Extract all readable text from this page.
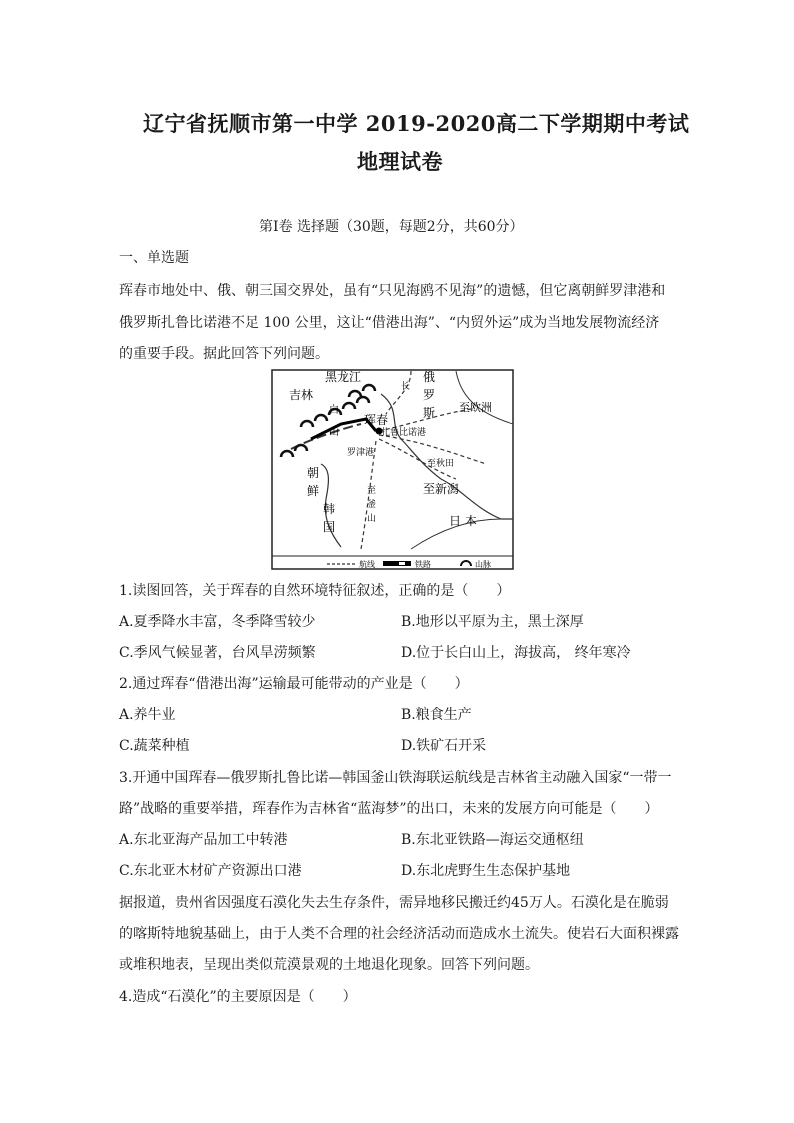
辽宁省抚顺市第一中学 2019-2020高二下学期期中考试
地理试卷
第Ⅰ卷 选择题（30题，每题2分，共60分）
一、单选题
珲春市地处中、俄、朝三国交界处，虽有“只见海鸥不见海”的遗憾，但它离朝鲜罗津港和
俄罗斯扎鲁比诺港不足 100 公里，这让“借港出海”、“内贸外运”成为当地发展物流经济
的重要手段。据此回答下列问题。
黑龙江
长
吉林
白
山
俄
罗
斯
珲春
至欧洲
扎鲁比诺港
罗津港
至秋田
至新潟
朝
鲜
韩
国
至
釜
山	日 本
航线	铁路	山脉
1.读图回答，关于珲春的自然环境特征叙述，正确的是（　　）
A.夏季降水丰富，冬季降雪较少	B.地形以平原为主，黑土深厚
C.季风气候显著，台风旱涝频繁	D.位于长白山上，海拔高， 终年寒冷
2.通过珲春“借港出海”运输最可能带动的产业是（　　）
A.养牛业	B.粮食生产
C.蔬菜种植	D.铁矿石开采
3.开通中国珲春—俄罗斯扎鲁比诺—韩国釜山铁海联运航线是吉林省主动融入国家“一带一
路”战略的重要举措，珲春作为吉林省“蓝海梦”的出口，未来的发展方向可能是（　　）
A.东北亚海产品加工中转港	B.东北亚铁路—海运交通枢纽
C.东北亚木材矿产资源出口港	D.东北虎野生生态保护基地
据报道，贵州省因强度石漠化失去生存条件，需异地移民搬迁约45万人。石漠化是在脆弱
的喀斯特地貌基础上，由于人类不合理的社会经济活动而造成水土流失。使岩石大面积裸露
或堆积地表，呈现出类似荒漠景观的土地退化现象。回答下列问题。
4.造成“石漠化”的主要原因是（　　）
